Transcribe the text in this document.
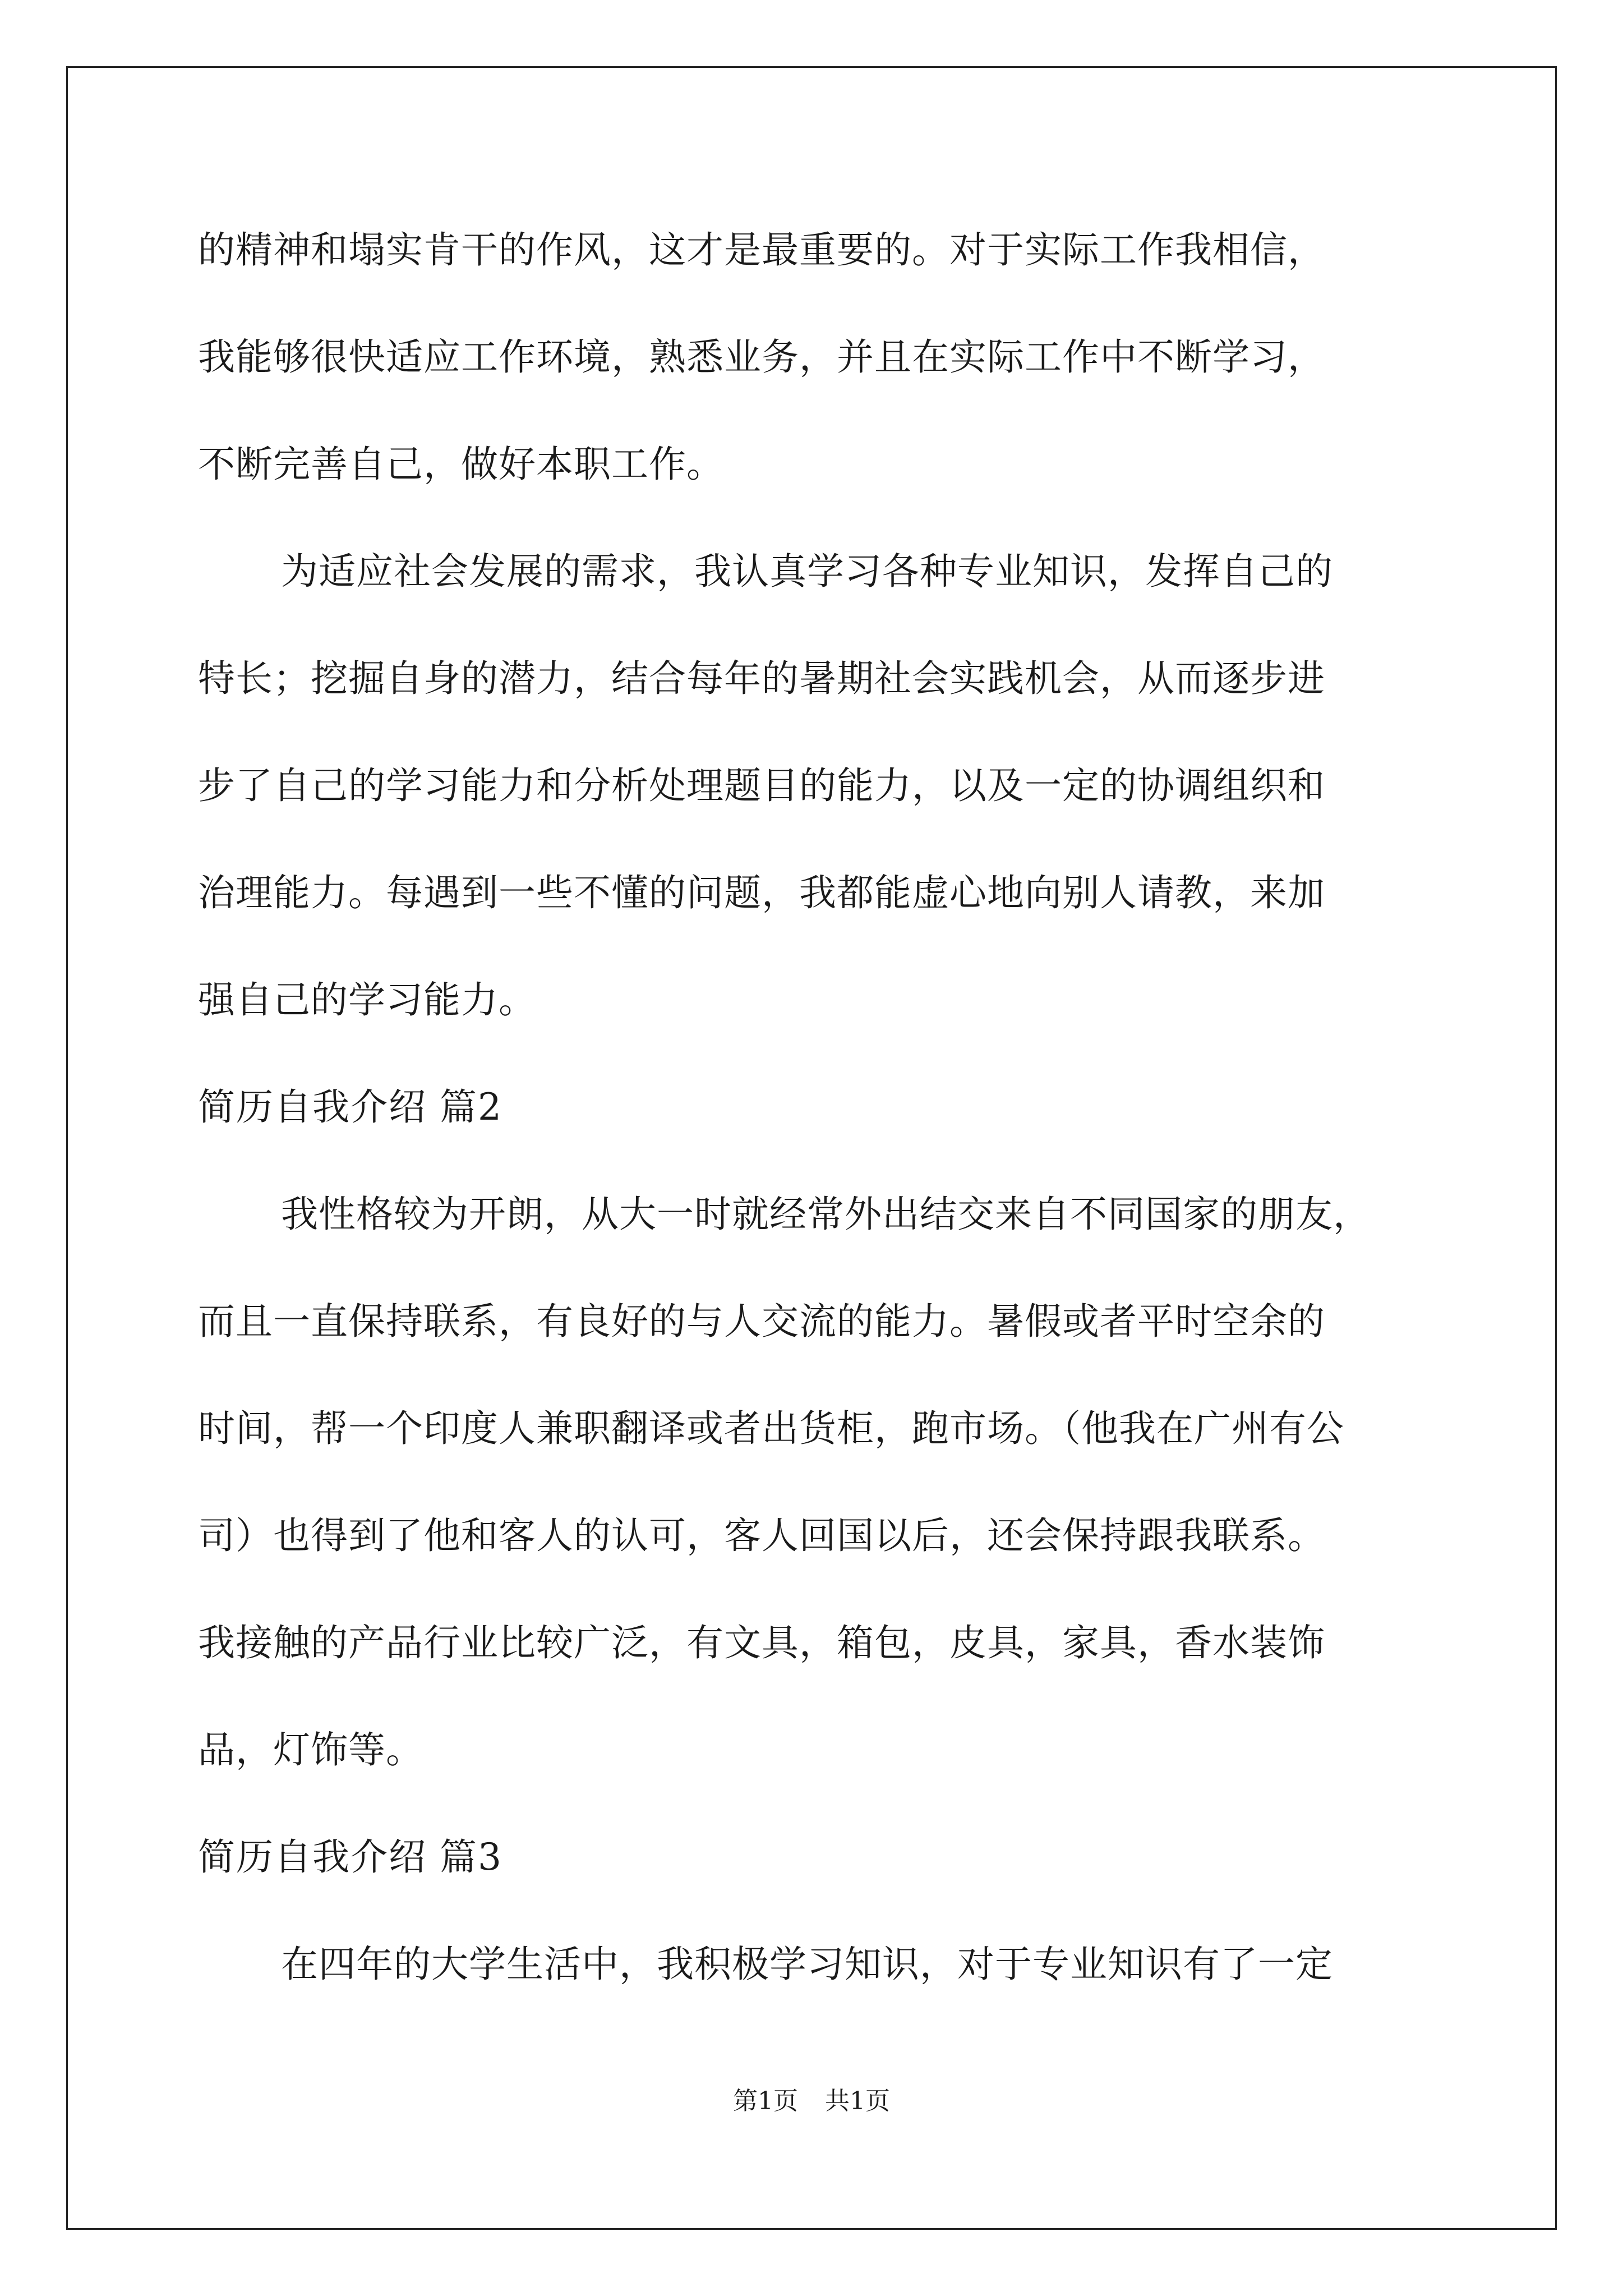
的精神和塌实肯干的作风，这才是最重要的。对于实际工作我相信，
我能够很快适应工作环境，熟悉业务，并且在实际工作中不断学习，
不断完善自己，做好本职工作。
为适应社会发展的需求，我认真学习各种专业知识，发挥自己的
特长；挖掘自身的潜力，结合每年的暑期社会实践机会，从而逐步进
步了自己的学习能力和分析处理题目的能力，以及一定的协调组织和
治理能力。每遇到一些不懂的问题，我都能虚心地向别人请教，来加
强自己的学习能力。
简历自我介绍 篇2
我性格较为开朗，从大一时就经常外出结交来自不同国家的朋友，
而且一直保持联系，有良好的与人交流的能力。暑假或者平时空余的
时间，帮一个印度人兼职翻译或者出货柜，跑市场。（他我在广州有公
司）也得到了他和客人的认可，客人回国以后，还会保持跟我联系。
我接触的产品行业比较广泛，有文具，箱包，皮具，家具，香水装饰
品，灯饰等。
简历自我介绍 篇3
在四年的大学生活中，我积极学习知识，对于专业知识有了一定
第1页 共1页
